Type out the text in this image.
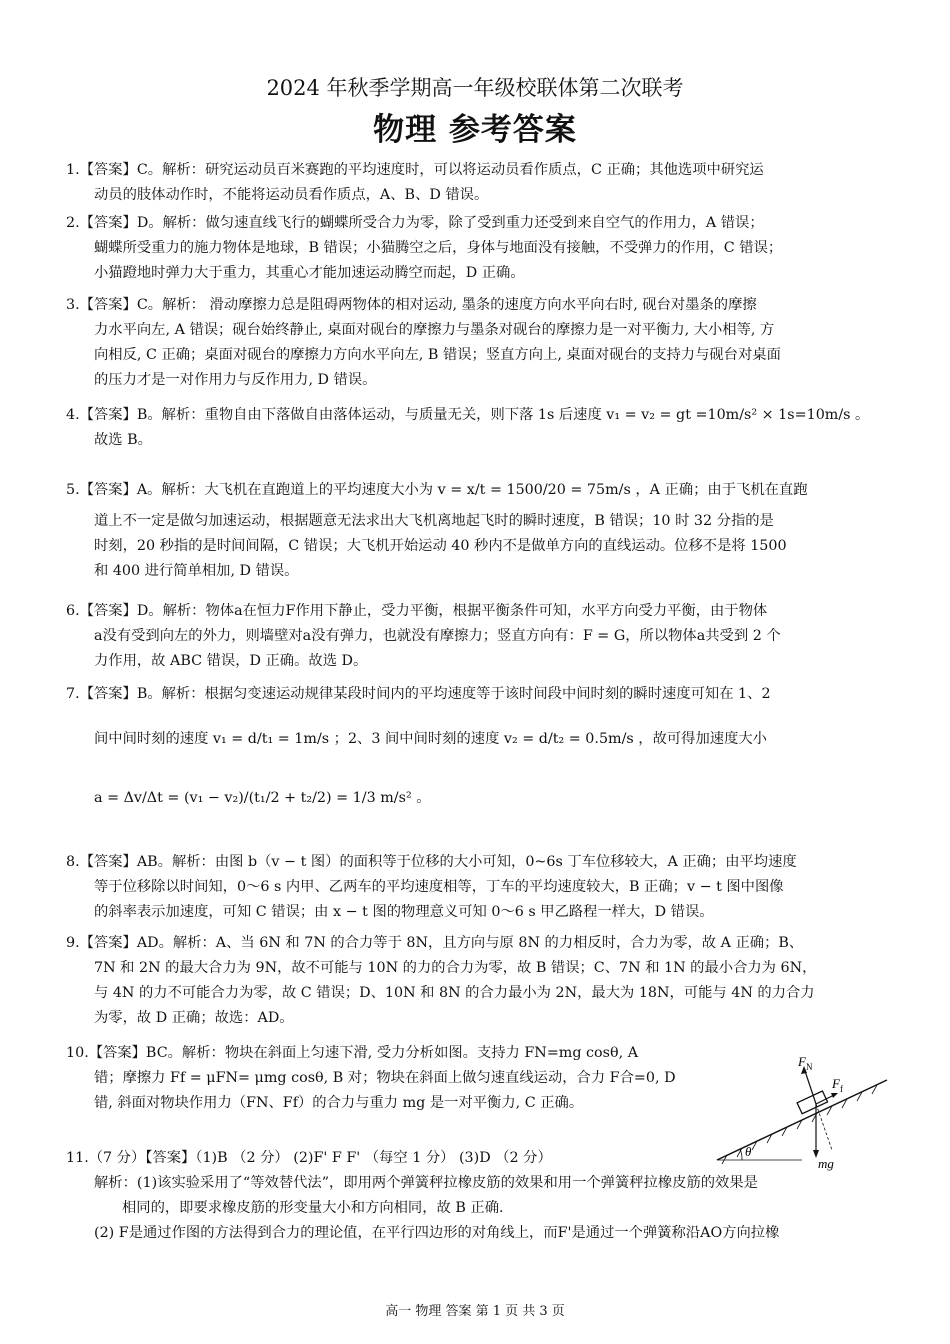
2024 年秋季学期高一年级校联体第二次联考
物理 参考答案
1.【答案】C。解析：研究运动员百米赛跑的平均速度时，可以将运动员看作质点，C 正确；其他选项中研究运
动员的肢体动作时，不能将运动员看作质点，A、B、D 错误。
2.【答案】D。解析：做匀速直线飞行的蝴蝶所受合力为零，除了受到重力还受到来自空气的作用力，A 错误；
蝴蝶所受重力的施力物体是地球，B 错误；小猫腾空之后，身体与地面没有接触，不受弹力的作用，C 错误；
小猫蹬地时弹力大于重力，其重心才能加速运动腾空而起，D 正确。
3.【答案】C。解析： 滑动摩擦力总是阻碍两物体的相对运动, 墨条的速度方向水平向右时, 砚台对墨条的摩擦
力水平向左, A 错误；砚台始终静止, 桌面对砚台的摩擦力与墨条对砚台的摩擦力是一对平衡力, 大小相等, 方
向相反, C 正确；桌面对砚台的摩擦力方向水平向左, B 错误；竖直方向上, 桌面对砚台的支持力与砚台对桌面
的压力才是一对作用力与反作用力, D 错误。
4.【答案】B。解析：重物自由下落做自由落体运动，与质量无关，则下落 1s 后速度 v₁ = v₂ = gt =10m/s² × 1s=10m/s 。
故选 B。
5.【答案】A。解析：大飞机在直跑道上的平均速度大小为 v = x/t = 1500/20 = 75m/s ，A 正确；由于飞机在直跑
道上不一定是做匀加速运动，根据题意无法求出大飞机离地起飞时的瞬时速度，B 错误；10 时 32 分指的是
时刻，20 秒指的是时间间隔，C 错误；大飞机开始运动 40 秒内不是做单方向的直线运动。位移不是将 1500
和 400 进行简单相加, D 错误。
6.【答案】D。解析：物体a在恒力F作用下静止，受力平衡，根据平衡条件可知，水平方向受力平衡，由于物体
a没有受到向左的外力，则墙壁对a没有弹力，也就没有摩擦力；竖直方向有：F = G，所以物体a共受到 2 个
力作用，故 ABC 错误，D 正确。故选 D。
7.【答案】B。解析：根据匀变速运动规律某段时间内的平均速度等于该时间段中间时刻的瞬时速度可知在 1、2
间中间时刻的速度 v₁ = d/t₁ = 1m/s ；2、3 间中间时刻的速度 v₂ = d/t₂ = 0.5m/s ，故可得加速度大小
a = Δv/Δt = (v₁ − v₂)/(t₁/2 + t₂/2) = 1/3 m/s² 。
8.【答案】AB。解析：由图 b（v − t 图）的面积等于位移的大小可知，0~6s 丁车位移较大，A 正确；由平均速度
等于位移除以时间知，0～6 s 内甲、乙两车的平均速度相等，丁车的平均速度较大，B 正确；v − t 图中图像
的斜率表示加速度，可知 C 错误；由 x − t 图的物理意义可知 0～6 s 甲乙路程一样大，D 错误。
9.【答案】AD。解析：A、当 6N 和 7N 的合力等于 8N，且方向与原 8N 的力相反时，合力为零，故 A 正确；B、
7N 和 2N 的最大合力为 9N，故不可能与 10N 的力的合力为零，故 B 错误；C、7N 和 1N 的最小合力为 6N，
与 4N 的力不可能合力为零，故 C 错误；D、10N 和 8N 的合力最小为 2N，最大为 18N，可能与 4N 的力合力
为零，故 D 正确；故选：AD。
10.【答案】BC。解析：物块在斜面上匀速下滑, 受力分析如图。支持力 FN=mg cosθ, A
错；摩擦力 Ff = μFN= μmg cosθ, B 对；物块在斜面上做匀速直线运动，合力 F合=0, D
错, 斜面对物块作用力（FN、Ff）的合力与重力 mg 是一对平衡力, C 正确。
11.（7 分）【答案】（1)B （2 分） (2)F' F F' （每空 1 分） (3)D （2 分）
解析：(1)该实验采用了“等效替代法”，即用两个弹簧秤拉橡皮筋的效果和用一个弹簧秤拉橡皮筋的效果是
相同的，即要求橡皮筋的形变量大小和方向相同，故 B 正确.
(2) F是通过作图的方法得到合力的理论值，在平行四边形的对角线上，而F'是通过一个弹簧称沿AO方向拉橡
F N
F f
θ
mg
高一 物理 答案 第 1 页 共 3 页
